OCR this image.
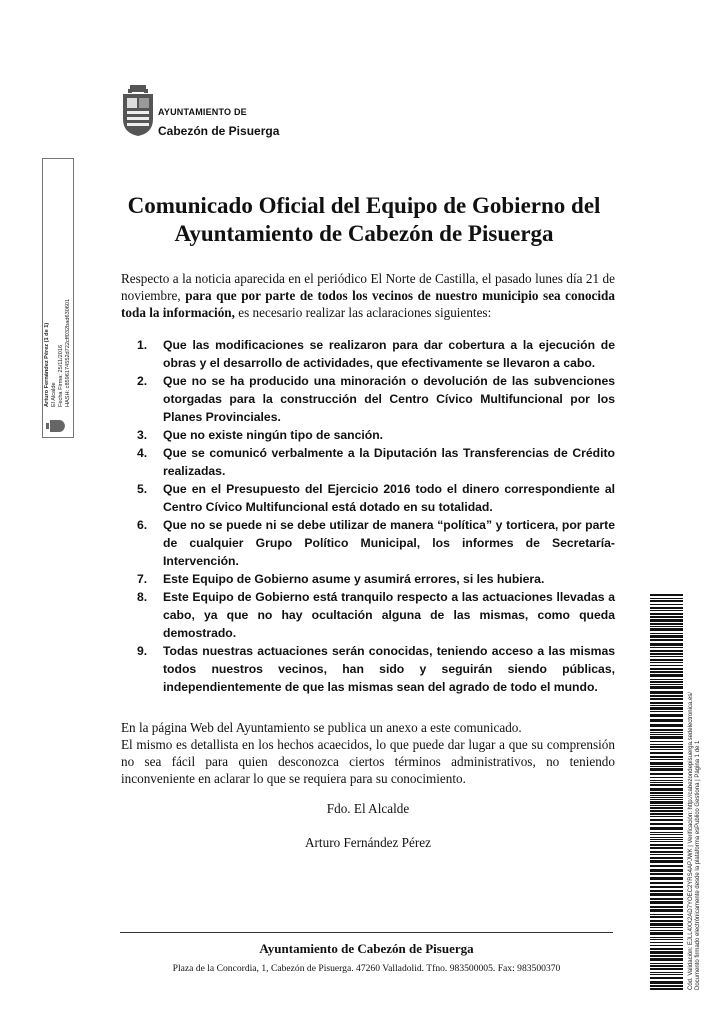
AYUNTAMIENTO DE
Cabezón de Pisuerga
Arturo Fernández Pérez (1 de 1) El Alcalde Fecha Firma: 25/11/2016 HASH: c8596174552d722cff032bad630601
Comunicado Oficial del Equipo de Gobierno del Ayuntamiento de Cabezón de Pisuerga
Respecto a la noticia aparecida en el periódico El Norte de Castilla, el pasado lunes día 21 de noviembre, para que por parte de todos los vecinos de nuestro municipio sea conocida toda la información, es necesario realizar las aclaraciones siguientes:
1.	Que las modificaciones se realizaron para dar cobertura a la ejecución de obras y el desarrollo de actividades, que efectivamente se llevaron a cabo.
2.	Que no se ha producido una minoración o devolución de las subvenciones otorgadas para la construcción del Centro Cívico Multifuncional por los Planes Provinciales.
3.	Que no existe ningún tipo de sanción.
4.	Que se comunicó verbalmente a la Diputación las Transferencias de Crédito realizadas.
5.	Que en el Presupuesto del Ejercicio 2016 todo el dinero correspondiente al Centro Cívico Multifuncional está dotado en su totalidad.
6.	Que no se puede ni se debe utilizar de manera “política” y torticera, por parte de cualquier Grupo Político Municipal, los informes de Secretaría-Intervención.
7.	Este Equipo de Gobierno asume y asumirá errores, si les hubiera.
8.	Este Equipo de Gobierno está tranquilo respecto a las actuaciones llevadas a cabo, ya que no hay ocultación alguna de las mismas, como queda demostrado.
9.	Todas nuestras actuaciones serán conocidas, teniendo acceso a las mismas todos nuestros vecinos, han sido y seguirán siendo públicas, independientemente de que las mismas sean del agrado de todo el mundo.
En la página Web del Ayuntamiento se publica un anexo a este comunicado.
El mismo es detallista en los hechos acaecidos, lo que puede dar lugar a que su comprensión no sea fácil para quien desconozca ciertos términos administrativos, no teniendo inconveniente en aclarar lo que se requiera para su conocimiento.
Fdo. El Alcalde
Arturo Fernández Pérez
Ayuntamiento de Cabezón de Pisuerga
Plaza de la Concordia, 1, Cabezón de Pisuerga. 47260 Valladolid. Tfno. 983500005. Fax: 983500370	Cód. Validación: EJLL4XX2AD7YOEC2YRS4APJWK | Verificación: http://cabezondepisuerga.sedelectronica.es/ Documento firmado electrónicamente desde la plataforma esPublico Gestiona | Página 1 de 1
